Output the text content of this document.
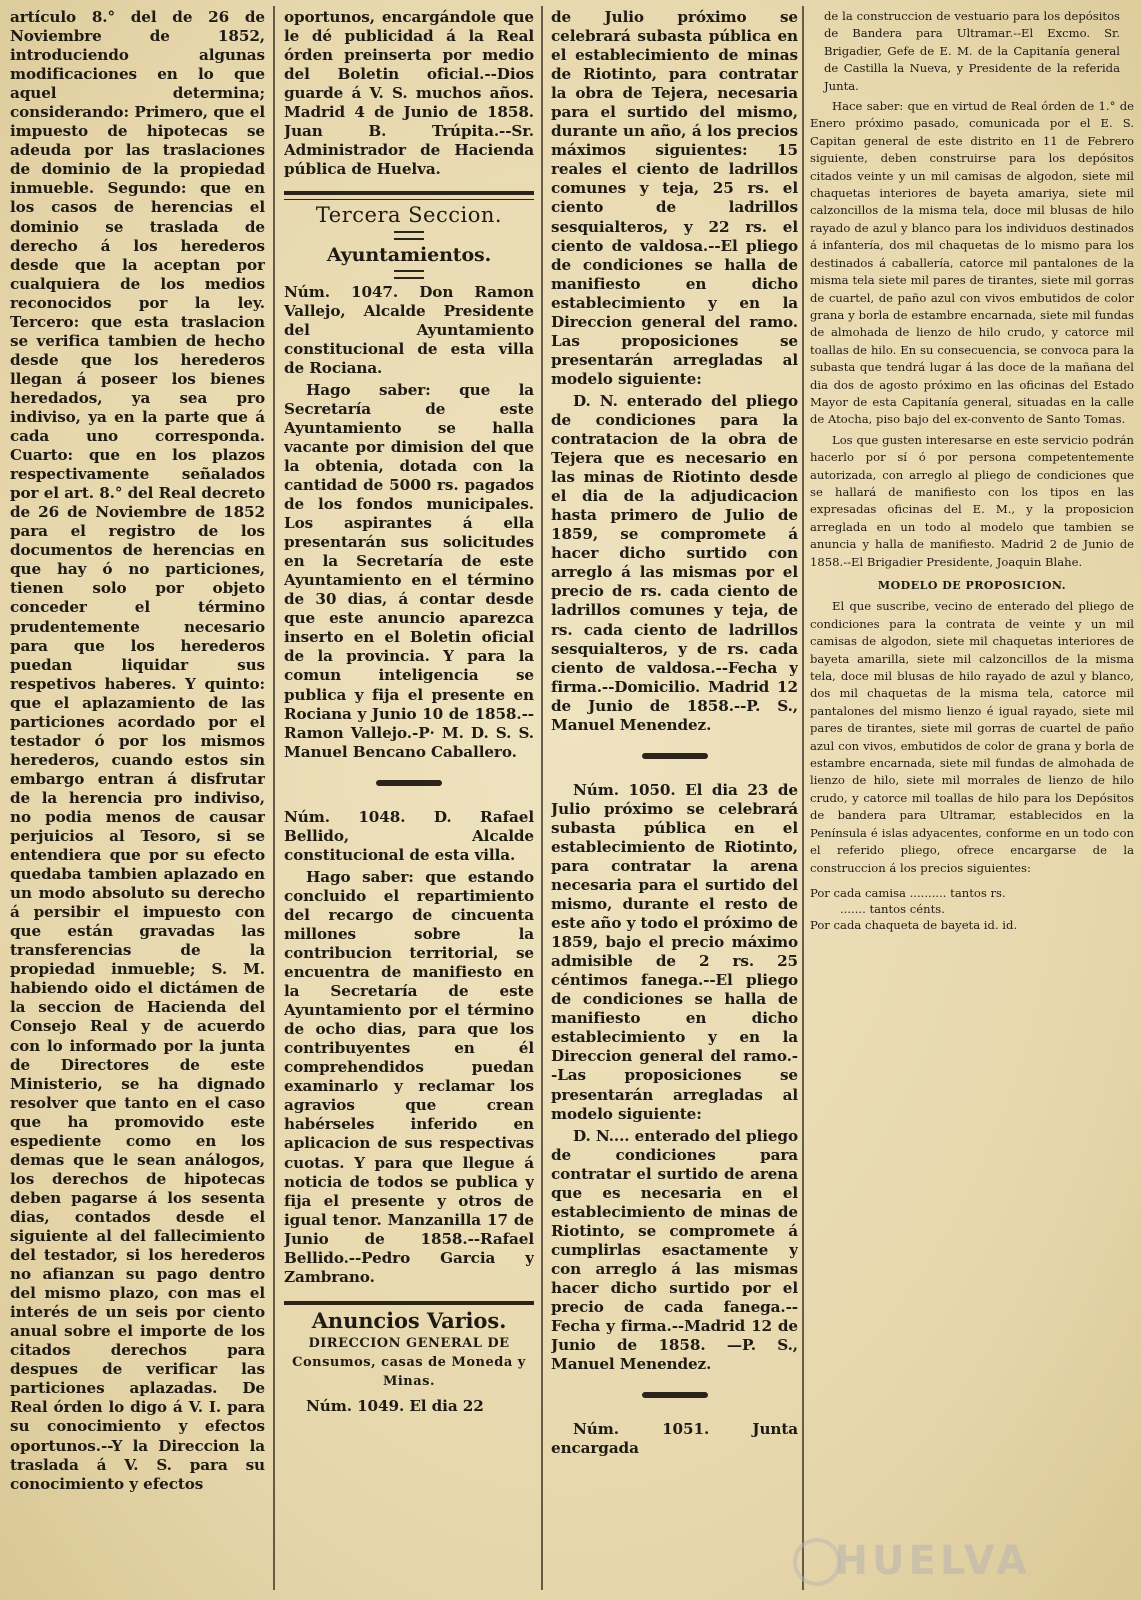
artículo 8.° del de 26 de Noviembre de 1852, introduciendo algunas modificaciones en lo que aquel determina; considerando: Primero, que el impuesto de hipotecas se adeuda por las traslaciones de dominio de la propiedad inmueble. Segundo: que en los casos de herencias el dominio se traslada de derecho á los herederos desde que la aceptan por cualquiera de los medios reconocidos por la ley. Tercero: que esta traslacion se verifica tambien de hecho desde que los herederos llegan á poseer los bienes heredados, ya sea pro indiviso, ya en la parte que á cada uno corresponda. Cuarto: que en los plazos respectivamente señalados por el art. 8.° del Real decreto de 26 de Noviembre de 1852 para el registro de los documentos de herencias en que hay ó no particiones, tienen solo por objeto conceder el término prudentemente necesario para que los herederos puedan liquidar sus respetivos haberes. Y quinto: que el aplazamiento de las particiones acordado por el testador ó por los mismos herederos, cuando estos sin embargo entran á disfrutar de la herencia pro indiviso, no podia menos de causar perjuicios al Tesoro, si se entendiera que por su efecto quedaba tambien aplazado en un modo absoluto su derecho á persibir el impuesto con que están gravadas las transferencias de la propiedad inmueble; S. M. habiendo oido el dictámen de la seccion de Hacienda del Consejo Real y de acuerdo con lo informado por la junta de Directores de este Ministerio, se ha dignado resolver que tanto en el caso que ha promovido este espediente como en los demas que le sean análogos, los derechos de hipotecas deben pagarse á los sesenta dias, contados desde el siguiente al del fallecimiento del testador, si los herederos no afianzan su pago dentro del mismo plazo, con mas el interés de un seis por ciento anual sobre el importe de los citados derechos para despues de verificar las particiones aplazadas. De Real órden lo digo á V. I. para su conocimiento y efectos oportunos.--Y la Direccion la traslada á V. S. para su conocimiento y efectos

oportunos, encargándole que le dé publicidad á la Real órden preinserta por medio del Boletin oficial.--Dios guarde á V. S. muchos años. Madrid 4 de Junio de 1858. Juan B. Trúpita.--Sr. Administrador de Hacienda pública de Huelva.

Tercera Seccion.
Ayuntamientos.

Núm. 1047. Don Ramon Vallejo, Alcalde Presidente del Ayuntamiento constitucional de esta villa de Rociana.

Hago saber: que la Secretaría de este Ayuntamiento se halla vacante por dimision del que la obtenia, dotada con la cantidad de 5000 rs. pagados de los fondos municipales. Los aspirantes á ella presentarán sus solicitudes en la Secretaría de este Ayuntamiento en el término de 30 dias, á contar desde que este anuncio aparezca inserto en el Boletin oficial de la provincia. Y para la comun inteligencia se publica y fija el presente en Rociana y Junio 10 de 1858.--Ramon Vallejo.-P· M. D. S. S. Manuel Bencano Caballero.

Núm. 1048. D. Rafael Bellido, Alcalde constitucional de esta villa.

Hago saber: que estando concluido el repartimiento del recargo de cincuenta millones sobre la contribucion territorial, se encuentra de manifiesto en la Secretaría de este Ayuntamiento por el término de ocho dias, para que los contribuyentes en él comprehendidos puedan examinarlo y reclamar los agravios que crean habérseles inferido en aplicacion de sus respectivas cuotas. Y para que llegue á noticia de todos se publica y fija el presente y otros de igual tenor. Manzanilla 17 de Junio de 1858.--Rafael Bellido.--Pedro Garcia y Zambrano.

Anuncios Varios.
DIRECCION GENERAL DE Consumos, casas de Moneda y Minas.

Núm. 1049. El dia 22

de Julio próximo se celebrará subasta pública en el establecimiento de minas de Riotinto, para contratar la obra de Tejera, necesaria para el surtido del mismo, durante un año, á los precios máximos siguientes: 15 reales el ciento de ladrillos comunes y teja, 25 rs. el ciento de ladrillos sesquialteros, y 22 rs. el ciento de valdosa.--El pliego de condiciones se halla de manifiesto en dicho establecimiento y en la Direccion general del ramo. Las proposiciones se presentarán arregladas al modelo siguiente:

D. N. enterado del pliego de condiciones para la contratacion de la obra de Tejera que es necesario en las minas de Riotinto desde el dia de la adjudicacion hasta primero de Julio de 1859, se compromete á hacer dicho surtido con arreglo á las mismas por el precio de rs. cada ciento de ladrillos comunes y teja, de rs. cada ciento de ladrillos sesquialteros, y de rs. cada ciento de valdosa.--Fecha y firma.--Domicilio. Madrid 12 de Junio de 1858.--P. S., Manuel Menendez.

Núm. 1050. El dia 23 de Julio próximo se celebrará subasta pública en el establecimiento de Riotinto, para contratar la arena necesaria para el surtido del mismo, durante el resto de este año y todo el próximo de 1859, bajo el precio máximo admisible de 2 rs. 25 céntimos fanega.--El pliego de condiciones se halla de manifiesto en dicho establecimiento y en la Direccion general del ramo.--Las proposiciones se presentarán arregladas al modelo siguiente:

D. N.... enterado del pliego de condiciones para contratar el surtido de arena que es necesaria en el establecimiento de minas de Riotinto, se compromete á cumplirlas esactamente y con arreglo á las mismas hacer dicho surtido por el precio de cada fanega.--Fecha y firma.--Madrid 12 de Junio de 1858. —P. S., Manuel Menendez.

Núm. 1051. Junta encargada

de la construccion de vestuario para los depósitos de Bandera para Ultramar.--El Excmo. Sr. Brigadier, Gefe de E. M. de la Capitanía general de Castilla la Nueva, y Presidente de la referida Junta.

Hace saber: que en virtud de Real órden de 1.° de Enero próximo pasado, comunicada por el E. S. Capitan general de este distrito en 11 de Febrero siguiente, deben construirse para los depósitos citados veinte y un mil camisas de algodon, siete mil chaquetas interiores de bayeta amariya, siete mil calzoncillos de la misma tela, doce mil blusas de hilo rayado de azul y blanco para los individuos destinados á infantería, dos mil chaquetas de lo mismo para los destinados á caballería, catorce mil pantalones de la misma tela siete mil pares de tirantes, siete mil gorras de cuartel, de paño azul con vivos embutidos de color grana y borla de estambre encarnada, siete mil fundas de almohada de lienzo de hilo crudo, y catorce mil toallas de hilo. En su consecuencia, se convoca para la subasta que tendrá lugar á las doce de la mañana del dia dos de agosto próximo en las oficinas del Estado Mayor de esta Capitanía general, situadas en la calle de Atocha, piso bajo del ex-convento de Santo Tomas.

Los que gusten interesarse en este servicio podrán hacerlo por sí ó por persona competentemente autorizada, con arreglo al pliego de condiciones que se hallará de manifiesto con los tipos en las expresadas oficinas del E. M., y la proposicion arreglada en un todo al modelo que tambien se anuncia y halla de manifiesto. Madrid 2 de Junio de 1858.--El Brigadier Presidente, Joaquin Blahe.

MODELO DE PROPOSICION.

El que suscribe, vecino de enterado del pliego de condiciones para la contrata de veinte y un mil camisas de algodon, siete mil chaquetas interiores de bayeta amarilla, siete mil calzoncillos de la misma tela, doce mil blusas de hilo rayado de azul y blanco, dos mil chaquetas de la misma tela, catorce mil pantalones del mismo lienzo é igual rayado, siete mil pares de tirantes, siete mil gorras de cuartel de paño azul con vivos, embutidos de color de grana y borla de estambre encarnada, siete mil fundas de almohada de lienzo de hilo, siete mil morrales de lienzo de hilo crudo, y catorce mil toallas de hilo para los Depósitos de bandera para Ultramar, establecidos en la Península é islas adyacentes, conforme en un todo con el referido pliego, ofrece encargarse de la construccion á los precios siguientes:

Por cada camisa .......... tantos rs.
....... tantos cénts.
Por cada chaqueta de bayeta id. id.
HUELVA
